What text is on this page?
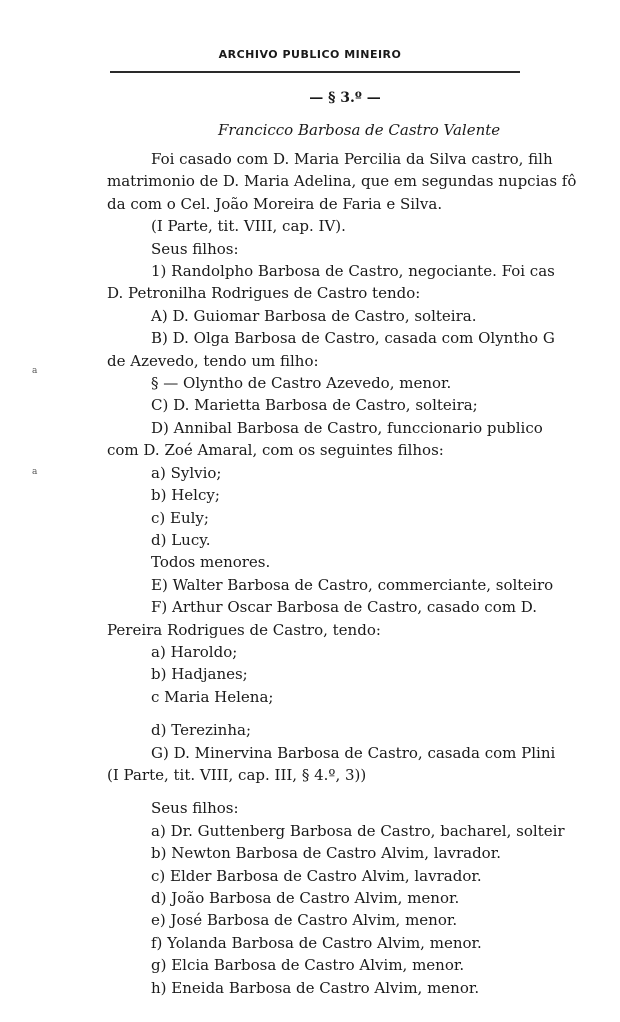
ARCHIVO PUBLICO MINEIRO
— § 3.º —
Francicco Barbosa de Castro Valente
a
a
Foi casado com D. Maria Percilia da Silva castro, filh
matrimonio de D. Maria Adelina, que em segundas nupcias fô
da com o Cel. João Moreira de Faria e Silva.
(I Parte, tit. VIII, cap. IV).
Seus filhos:
1) Randolpho Barbosa de Castro, negociante. Foi cas
D. Petronilha Rodrigues de Castro tendo:
A) D. Guiomar Barbosa de Castro, solteira.
B) D. Olga Barbosa de Castro, casada com Olyntho G
de Azevedo, tendo um filho:
§ — Olyntho de Castro Azevedo, menor.
C) D. Marietta Barbosa de Castro, solteira;
D) Annibal Barbosa de Castro, funccionario publico
com D. Zoé Amaral, com os seguintes filhos:
a) Sylvio;
b) Helcy;
c) Euly;
d) Lucy.
Todos menores.
E) Walter Barbosa de Castro, commerciante, solteiro
F) Arthur Oscar Barbosa de Castro, casado com D.
Pereira Rodrigues de Castro, tendo:
a) Haroldo;
b) Hadjanes;
c Maria Helena;
d) Terezinha;
G) D. Minervina Barbosa de Castro, casada com Plini
(I Parte, tit. VIII, cap. III, § 4.º, 3))
Seus filhos:
a) Dr. Guttenberg Barbosa de Castro, bacharel, solteir
b) Newton Barbosa de Castro Alvim, lavrador.
c) Elder Barbosa de Castro Alvim, lavrador.
d) João Barbosa de Castro Alvim, menor.
e) José Barbosa de Castro Alvim, menor.
f) Yolanda Barbosa de Castro Alvim, menor.
g) Elcia Barbosa de Castro Alvim, menor.
h) Eneida Barbosa de Castro Alvim, menor.
